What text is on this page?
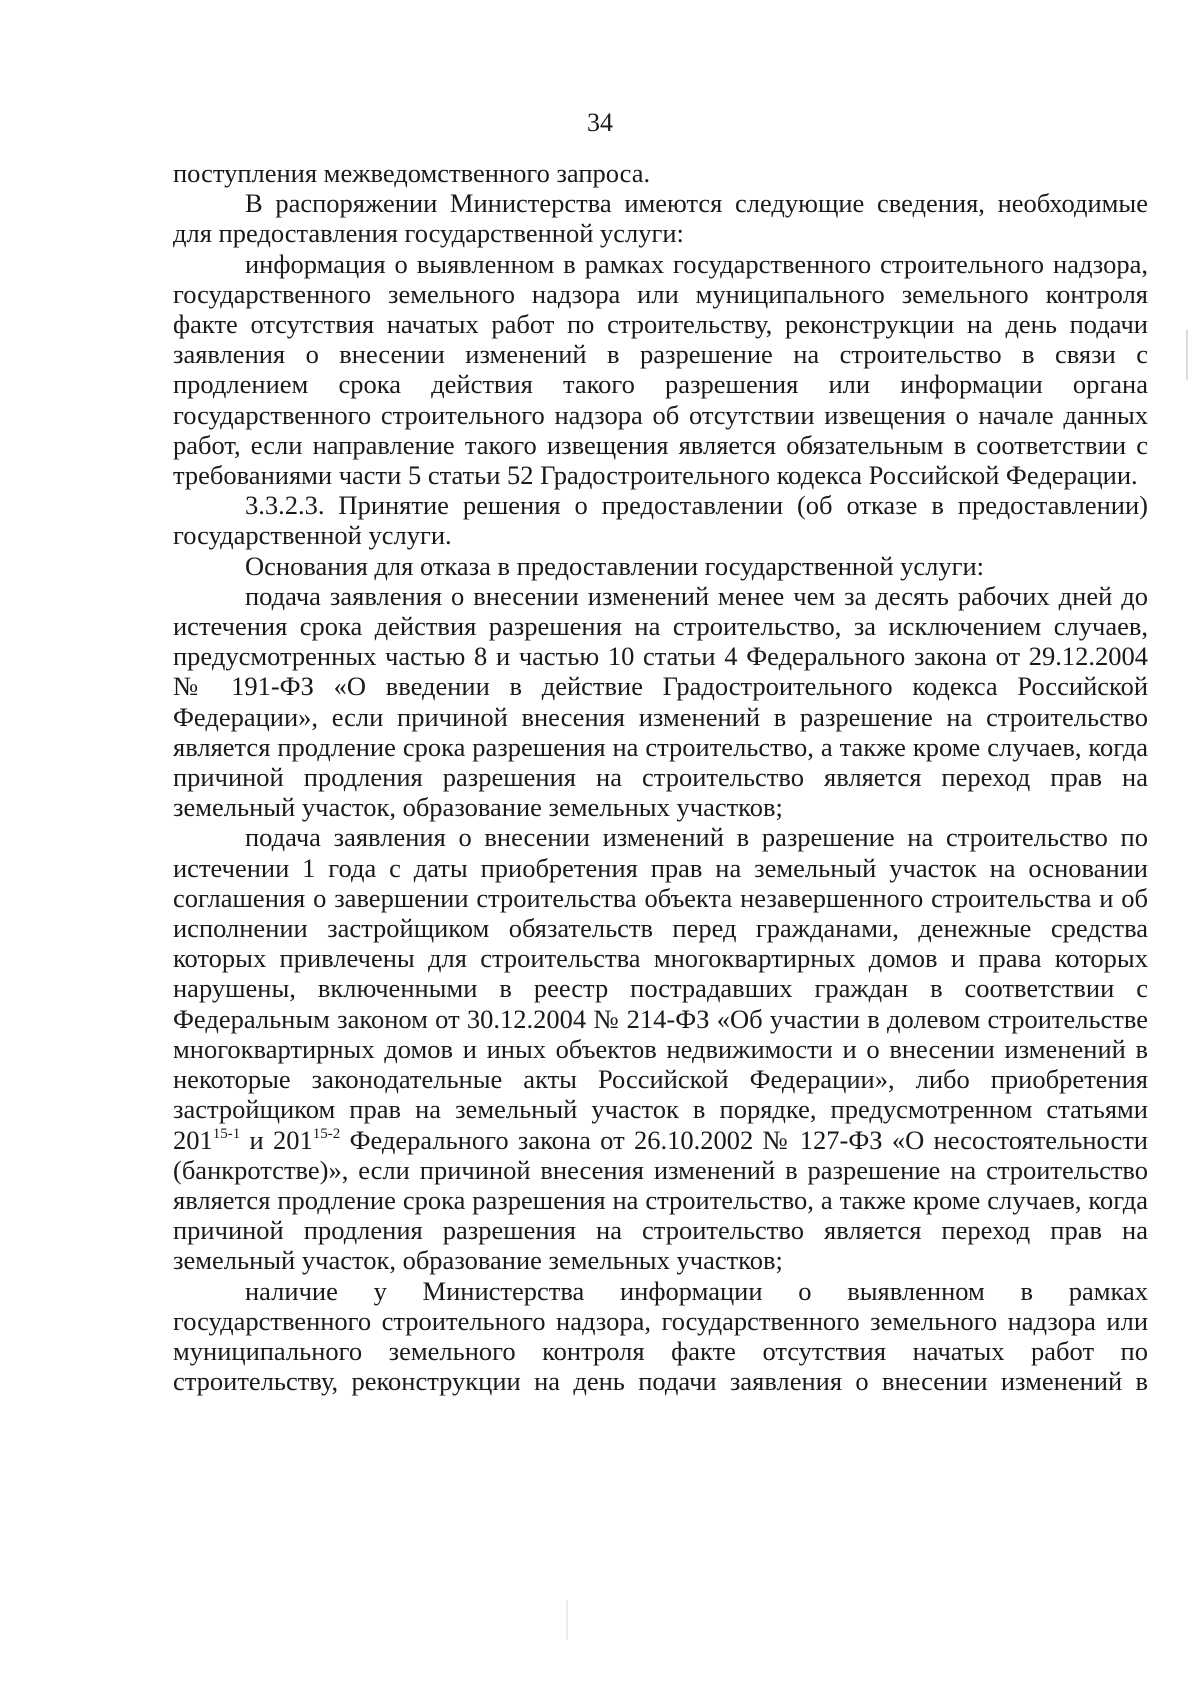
34

поступления межведомственного запроса.

В распоряжении Министерства имеются следующие сведения, необходимые для предоставления государственной услуги:

информация о выявленном в рамках государственного строительного надзора, государственного земельного надзора или муниципального земельного контроля факте отсутствия начатых работ по строительству, реконструкции на день подачи заявления о внесении изменений в разрешение на строительство в связи с продлением срока действия такого разрешения или информации органа государственного строительного надзора об отсутствии извещения о начале данных работ, если направление такого извещения является обязательным в соответствии с требованиями части 5 статьи 52 Градостроительного кодекса Российской Федерации.

3.3.2.3. Принятие решения о предоставлении (об отказе в предоставлении) государственной услуги.

Основания для отказа в предоставлении государственной услуги:

подача заявления о внесении изменений менее чем за десять рабочих дней до истечения срока действия разрешения на строительство, за исключением случаев, предусмотренных частью 8 и частью 10 статьи 4 Федерального закона от 29.12.2004 № 191-ФЗ «О введении в действие Градостроительного кодекса Российской Федерации», если причиной внесения изменений в разрешение на строительство является продление срока разрешения на строительство, а также кроме случаев, когда причиной продления разрешения на строительство является переход прав на земельный участок, образование земельных участков;

подача заявления о внесении изменений в разрешение на строительство по истечении 1 года с даты приобретения прав на земельный участок на основании соглашения о завершении строительства объекта незавершенного строительства и об исполнении застройщиком обязательств перед гражданами, денежные средства которых привлечены для строительства многоквартирных домов и права которых нарушены, включенными в реестр пострадавших граждан в соответствии с Федеральным законом от 30.12.2004 № 214-ФЗ «Об участии в долевом строительстве многоквартирных домов и иных объектов недвижимости и о внесении изменений в некоторые законодательные акты Российской Федерации», либо приобретения застройщиком прав на земельный участок в порядке, предусмотренном статьями 201$^{15-1}$ и 201$^{15-2}$ Федерального закона от 26.10.2002 № 127-ФЗ «О несостоятельности (банкротстве)», если причиной внесения изменений в разрешение на строительство является продление срока разрешения на строительство, а также кроме случаев, когда причиной продления разрешения на строительство является переход прав на земельный участок, образование земельных участков;

наличие у Министерства информации о выявленном в рамках государственного строительного надзора, государственного земельного надзора или муниципального земельного контроля факте отсутствия начатых работ по строительству, реконструкции на день подачи заявления о внесении изменений в
